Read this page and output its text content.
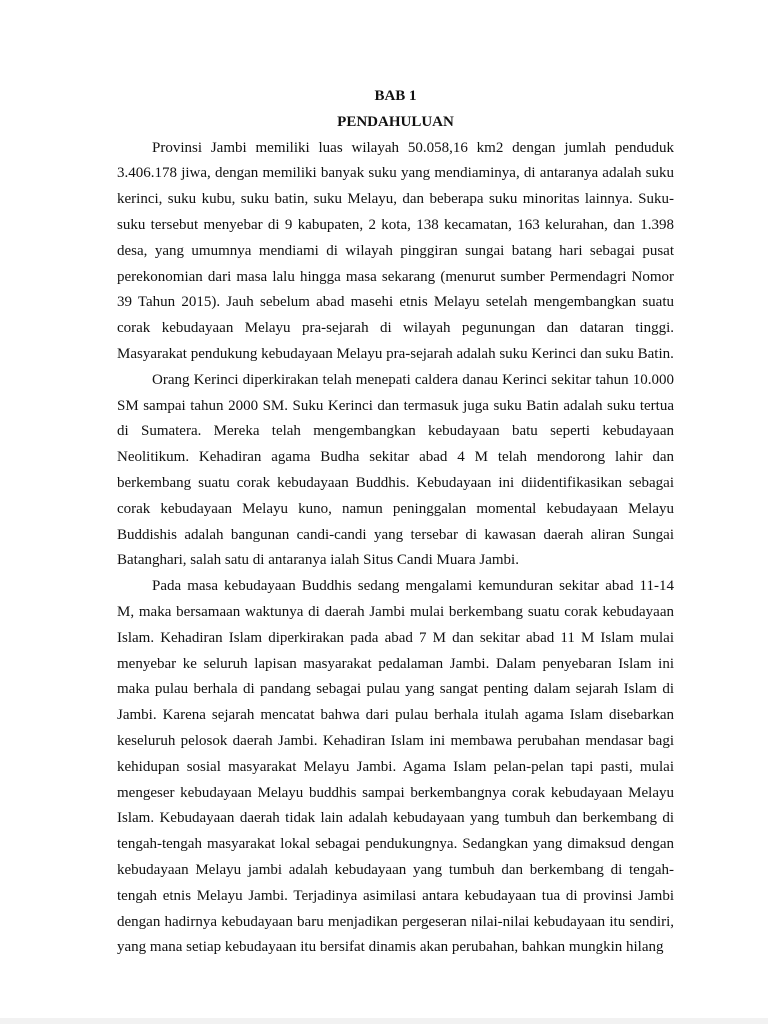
BAB 1
PENDAHULUAN

Provinsi Jambi memiliki luas wilayah 50.058,16 km2 dengan jumlah penduduk 3.406.178 jiwa, dengan memiliki banyak suku yang mendiaminya, di antaranya adalah suku kerinci, suku kubu, suku batin, suku Melayu, dan beberapa suku minoritas lainnya. Suku-suku tersebut menyebar di 9 kabupaten, 2 kota, 138 kecamatan, 163 kelurahan, dan 1.398 desa, yang umumnya mendiami di wilayah pinggiran sungai batang hari sebagai pusat perekonomian dari masa lalu hingga masa sekarang (menurut sumber Permendagri Nomor 39 Tahun 2015). Jauh sebelum abad masehi etnis Melayu setelah mengembangkan suatu corak kebudayaan Melayu pra-sejarah di wilayah pegunungan dan dataran tinggi. Masyarakat pendukung kebudayaan Melayu pra-sejarah adalah suku Kerinci dan suku Batin.

Orang Kerinci diperkirakan telah menepati caldera danau Kerinci sekitar tahun 10.000 SM sampai tahun 2000 SM. Suku Kerinci dan termasuk juga suku Batin adalah suku tertua di Sumatera. Mereka telah mengembangkan kebudayaan batu seperti kebudayaan Neolitikum. Kehadiran agama Budha sekitar abad 4 M telah mendorong lahir dan berkembang suatu corak kebudayaan Buddhis. Kebudayaan ini diidentifikasikan sebagai corak kebudayaan Melayu kuno, namun peninggalan momental kebudayaan Melayu Buddishis adalah bangunan candi-candi yang tersebar di kawasan daerah aliran Sungai Batanghari, salah satu di antaranya ialah Situs Candi Muara Jambi.

Pada masa kebudayaan Buddhis sedang mengalami kemunduran sekitar abad 11-14 M, maka bersamaan waktunya di daerah Jambi mulai berkembang suatu corak kebudayaan Islam. Kehadiran Islam diperkirakan pada abad 7 M dan sekitar abad 11 M Islam mulai menyebar ke seluruh lapisan masyarakat pedalaman Jambi. Dalam penyebaran Islam ini maka pulau berhala di pandang sebagai pulau yang sangat penting dalam sejarah Islam di Jambi. Karena sejarah mencatat bahwa dari pulau berhala itulah agama Islam disebarkan keseluruh pelosok daerah Jambi. Kehadiran Islam ini membawa perubahan mendasar bagi kehidupan sosial masyarakat Melayu Jambi. Agama Islam pelan-pelan tapi pasti, mulai mengeser kebudayaan Melayu buddhis sampai berkembangnya corak kebudayaan Melayu Islam. Kebudayaan daerah tidak lain adalah kebudayaan yang tumbuh dan berkembang di tengah-tengah masyarakat lokal sebagai pendukungnya. Sedangkan yang dimaksud dengan kebudayaan Melayu jambi adalah kebudayaan yang tumbuh dan berkembang di tengah-tengah etnis Melayu Jambi. Terjadinya asimilasi antara kebudayaan tua di provinsi Jambi dengan hadirnya kebudayaan baru menjadikan pergeseran nilai-nilai kebudayaan itu sendiri, yang mana setiap kebudayaan itu bersifat dinamis akan perubahan, bahkan mungkin hilang
